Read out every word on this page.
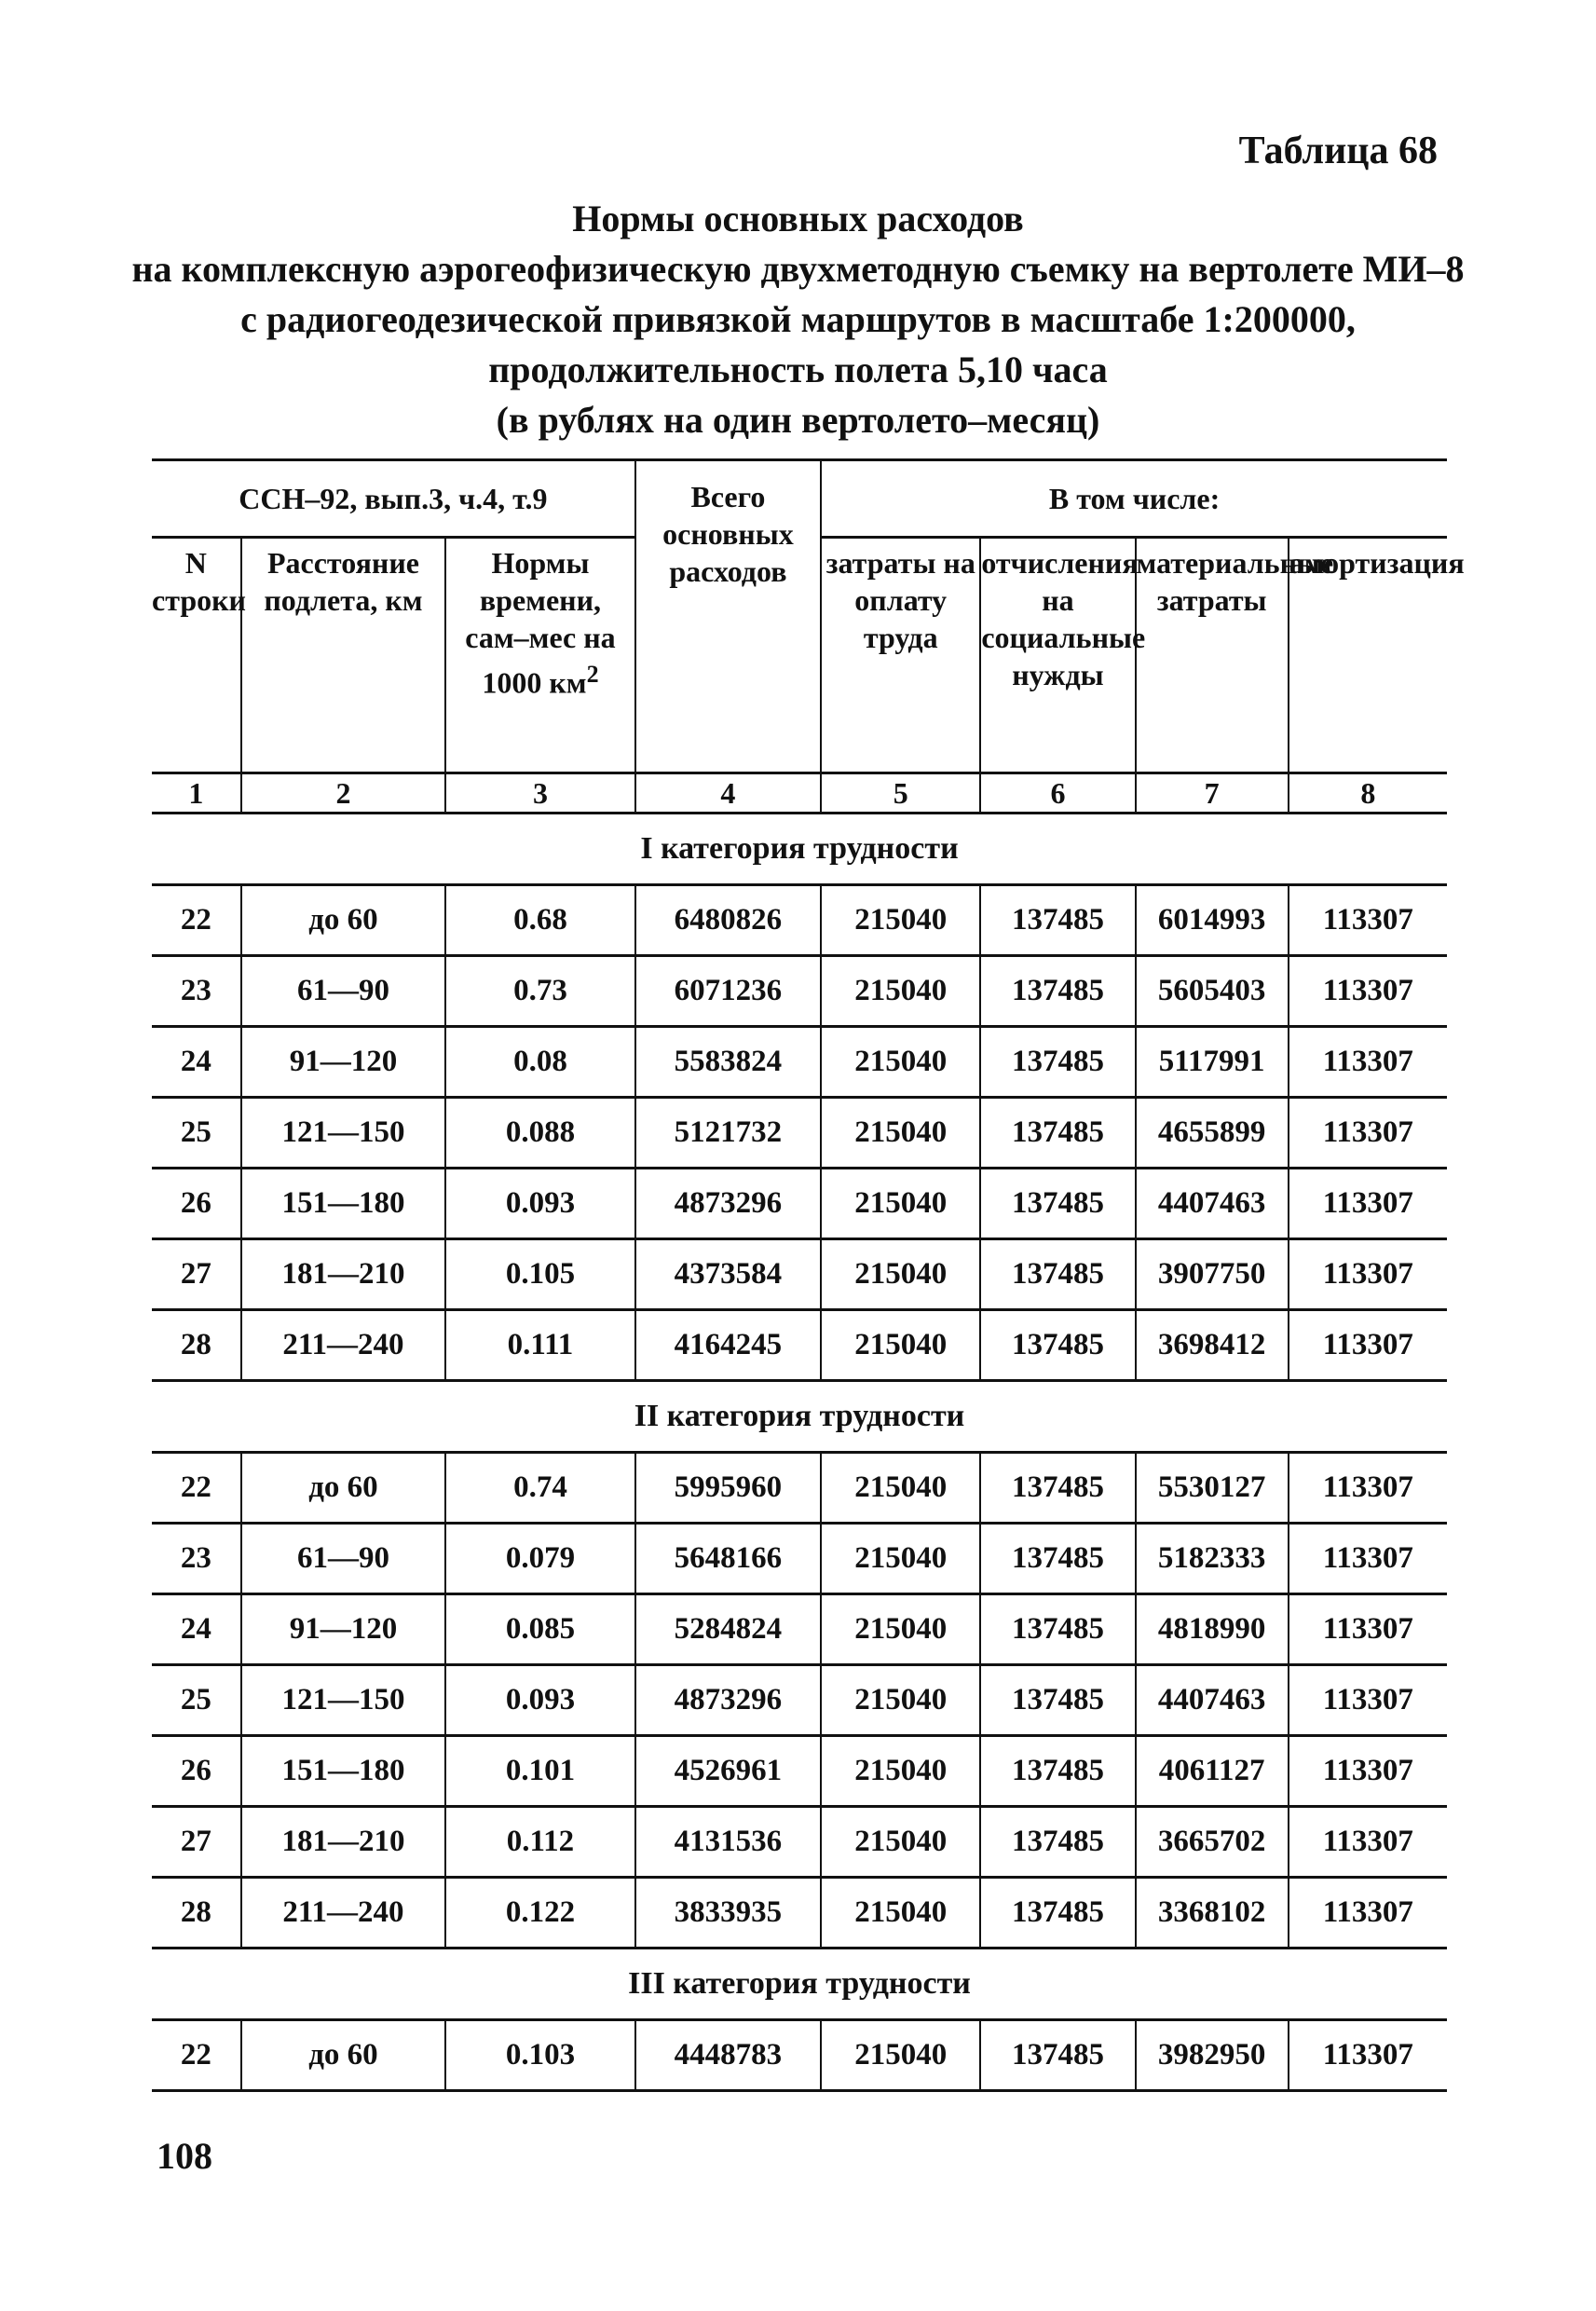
Таблица 68
Нормы основных расходов
на комплексную аэрогеофизическую двухметодную съемку на вертолете МИ–8
с радиогеодезической привязкой маршрутов в масштабе 1:200000,
продолжительность полета 5,10 часа
(в рублях на один вертолето–месяц)
ССН–92, вып.3, ч.4, т.9			Всего основных расходов	В том числе:			
N строки	Расстояние подлета, км	Нормы времени, сам–мес на 1000 $км^2$		затраты на оплату труда	отчисления на социальные нужды	материальные затраты	амортизация
1	2	3	4	5	6	7	8
I категория трудности							
22	до 60	0.68	6480826	215040	137485	6014993	113307
23	61—90	0.73	6071236	215040	137485	5605403	113307
24	91—120	0.08	5583824	215040	137485	5117991	113307
25	121—150	0.088	5121732	215040	137485	4655899	113307
26	151—180	0.093	4873296	215040	137485	4407463	113307
27	181—210	0.105	4373584	215040	137485	3907750	113307
28	211—240	0.111	4164245	215040	137485	3698412	113307
II категория трудности							
22	до 60	0.74	5995960	215040	137485	5530127	113307
23	61—90	0.079	5648166	215040	137485	5182333	113307
24	91—120	0.085	5284824	215040	137485	4818990	113307
25	121—150	0.093	4873296	215040	137485	4407463	113307
26	151—180	0.101	4526961	215040	137485	4061127	113307
27	181—210	0.112	4131536	215040	137485	3665702	113307
28	211—240	0.122	3833935	215040	137485	3368102	113307
III категория трудности							
22	до 60	0.103	4448783	215040	137485	3982950	113307
108
